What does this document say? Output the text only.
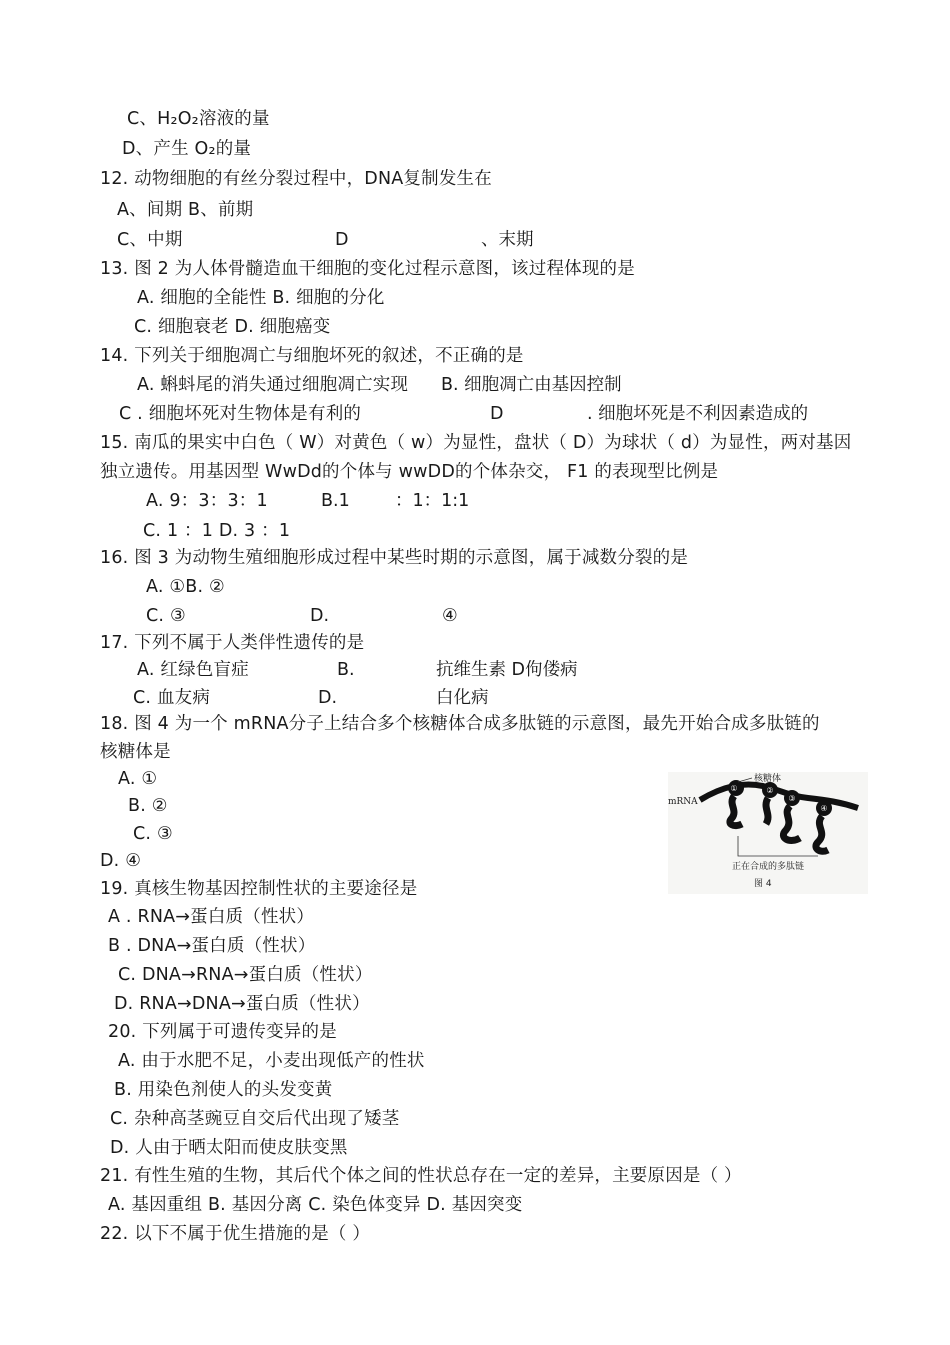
C、H₂O₂溶液的量
D、产生 O₂的量
12. 动物细胞的有丝分裂过程中，DNA复制发生在
A、间期 B、前期
C、中期	D	、末期
13. 图 2 为人体骨髓造血干细胞的变化过程示意图，该过程体现的是
A. 细胞的全能性 B. 细胞的分化
C. 细胞衰老 D. 细胞癌变
14. 下列关于细胞凋亡与细胞坏死的叙述，不正确的是
A. 蝌蚪尾的消失通过细胞凋亡实现 B. 细胞凋亡由基因控制
C . 细胞坏死对生物体是有利的	D	. 细胞坏死是不利因素造成的
15. 南瓜的果实中白色（ W）对黄色（ w）为显性，盘状（ D）为球状（ d）为显性，两对基因
独立遗传。用基因型 WwDd的个体与 wwDD的个体杂交， F1 的表现型比例是
A. 9：3：3：1	B.1	：1：1:1
C. 1 ：1 D. 3 ：1
16. 图 3 为动物生殖细胞形成过程中某些时期的示意图，属于减数分裂的是
A. ①B. ②
C. ③	D.	④
17. 下列不属于人类伴性遗传的是
A. 红绿色盲症	B.	抗维生素 D佝偻病
C. 血友病	D.	白化病
18. 图 4 为一个 mRNA分子上结合多个核糖体合成多肽链的示意图，最先开始合成多肽链的
核糖体是
A. ①
B. ②
C. ③
D. ④
①	②
③
④
核糖体
mRNA
正在合成的多肽链
图 4
19. 真核生物基因控制性状的主要途径是
A . RNA→蛋白质（性状）
B . DNA→蛋白质（性状）
C. DNA→RNA→蛋白质（性状）
D. RNA→DNA→蛋白质（性状）
20. 下列属于可遗传变异的是
A. 由于水肥不足，小麦出现低产的性状
B. 用染色剂使人的头发变黄
C. 杂种高茎豌豆自交后代出现了矮茎
D. 人由于晒太阳而使皮肤变黑
21. 有性生殖的生物，其后代个体之间的性状总存在一定的差异，主要原因是（ ）
A. 基因重组 B. 基因分离 C. 染色体变异 D. 基因突变
22. 以下不属于优生措施的是（ ）
